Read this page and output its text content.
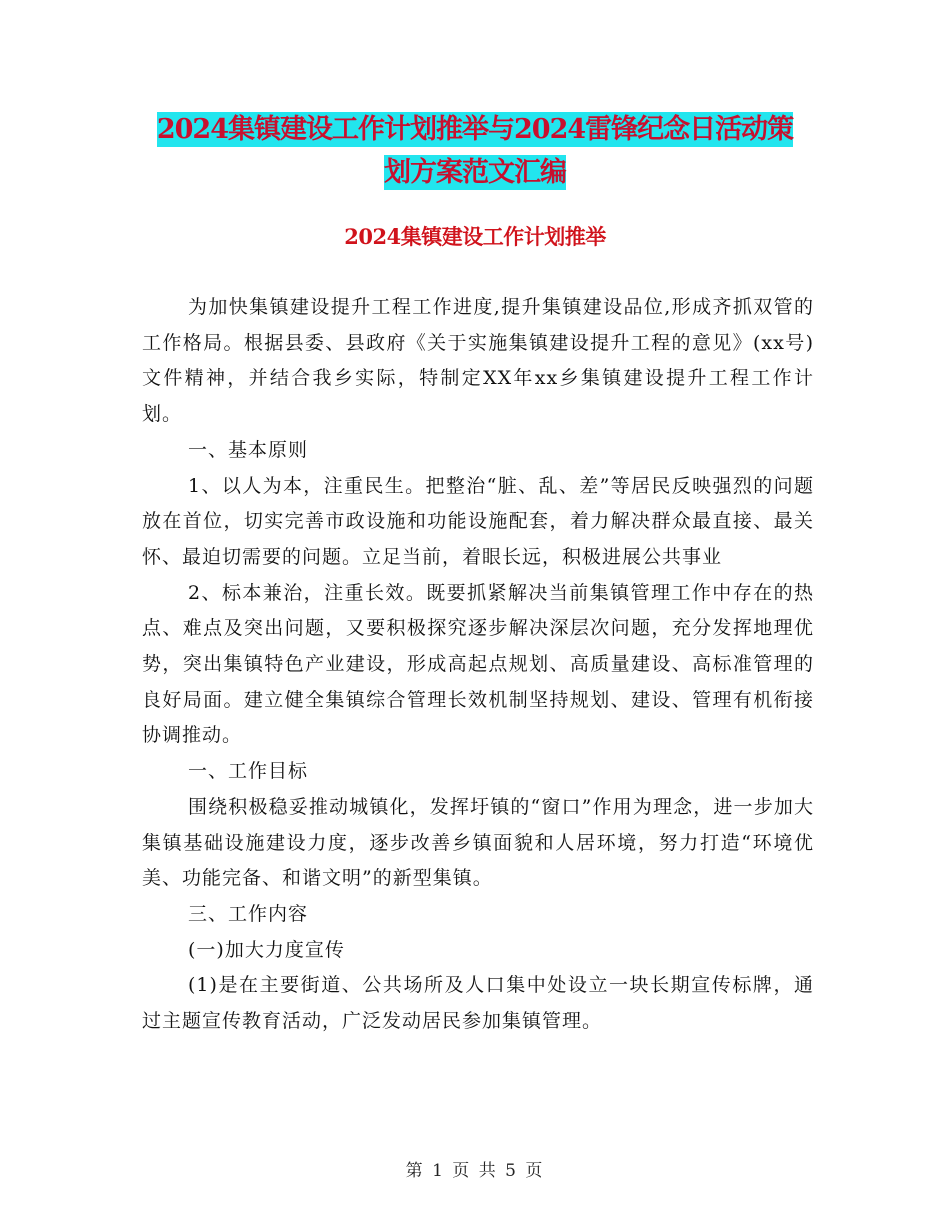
2024集镇建设工作计划推举与2024雷锋纪念日活动策
划方案范文汇编
2024集镇建设工作计划推举

为加快集镇建设提升工程工作进度,提升集镇建设品位,形成齐抓双管的工作格局。根据县委、县政府《关于实施集镇建设提升工程的意见》(xx号)文件精神，并结合我乡实际，特制定XX年xx乡集镇建设提升工程工作计划。

一、基本原则

1、以人为本，注重民生。把整治“脏、乱、差”等居民反映强烈的问题放在首位，切实完善市政设施和功能设施配套，着力解决群众最直接、最关怀、最迫切需要的问题。立足当前，着眼长远，积极进展公共事业

2、标本兼治，注重长效。既要抓紧解决当前集镇管理工作中存在的热点、难点及突出问题，又要积极探究逐步解决深层次问题，充分发挥地理优势，突出集镇特色产业建设，形成高起点规划、高质量建设、高标准管理的良好局面。建立健全集镇综合管理长效机制坚持规划、建设、管理有机衔接协调推动。

一、工作目标

围绕积极稳妥推动城镇化，发挥圩镇的“窗口”作用为理念，进一步加大集镇基础设施建设力度，逐步改善乡镇面貌和人居环境，努力打造“环境优美、功能完备、和谐文明”的新型集镇。

三、工作内容

(一)加大力度宣传

(1)是在主要街道、公共场所及人口集中处设立一块长期宣传标牌，通过主题宣传教育活动，广泛发动居民参加集镇管理。

第 1 页 共 5 页
